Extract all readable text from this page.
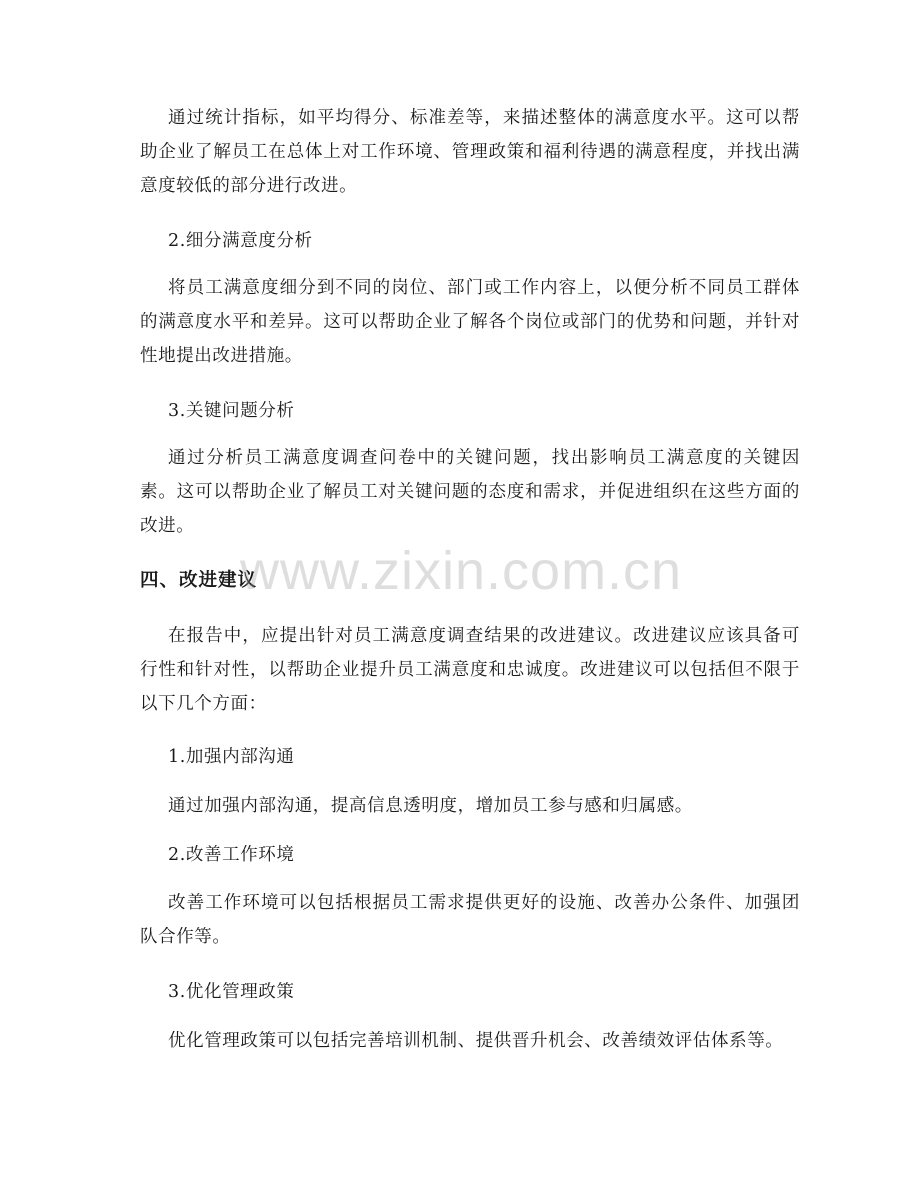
通过统计指标，如平均得分、标准差等，来描述整体的满意度水平。这可以帮助企业了解员工在总体上对工作环境、管理政策和福利待遇的满意程度，并找出满意度较低的部分进行改进。

2.细分满意度分析

将员工满意度细分到不同的岗位、部门或工作内容上，以便分析不同员工群体的满意度水平和差异。这可以帮助企业了解各个岗位或部门的优势和问题，并针对性地提出改进措施。

3.关键问题分析

通过分析员工满意度调查问卷中的关键问题，找出影响员工满意度的关键因素。这可以帮助企业了解员工对关键问题的态度和需求，并促进组织在这些方面的改进。

四、改进建议

在报告中，应提出针对员工满意度调查结果的改进建议。改进建议应该具备可行性和针对性，以帮助企业提升员工满意度和忠诚度。改进建议可以包括但不限于以下几个方面：

1.加强内部沟通

通过加强内部沟通，提高信息透明度，增加员工参与感和归属感。

2.改善工作环境

改善工作环境可以包括根据员工需求提供更好的设施、改善办公条件、加强团队合作等。

3.优化管理政策

优化管理政策可以包括完善培训机制、提供晋升机会、改善绩效评估体系等。

www.zixin.com.cn
